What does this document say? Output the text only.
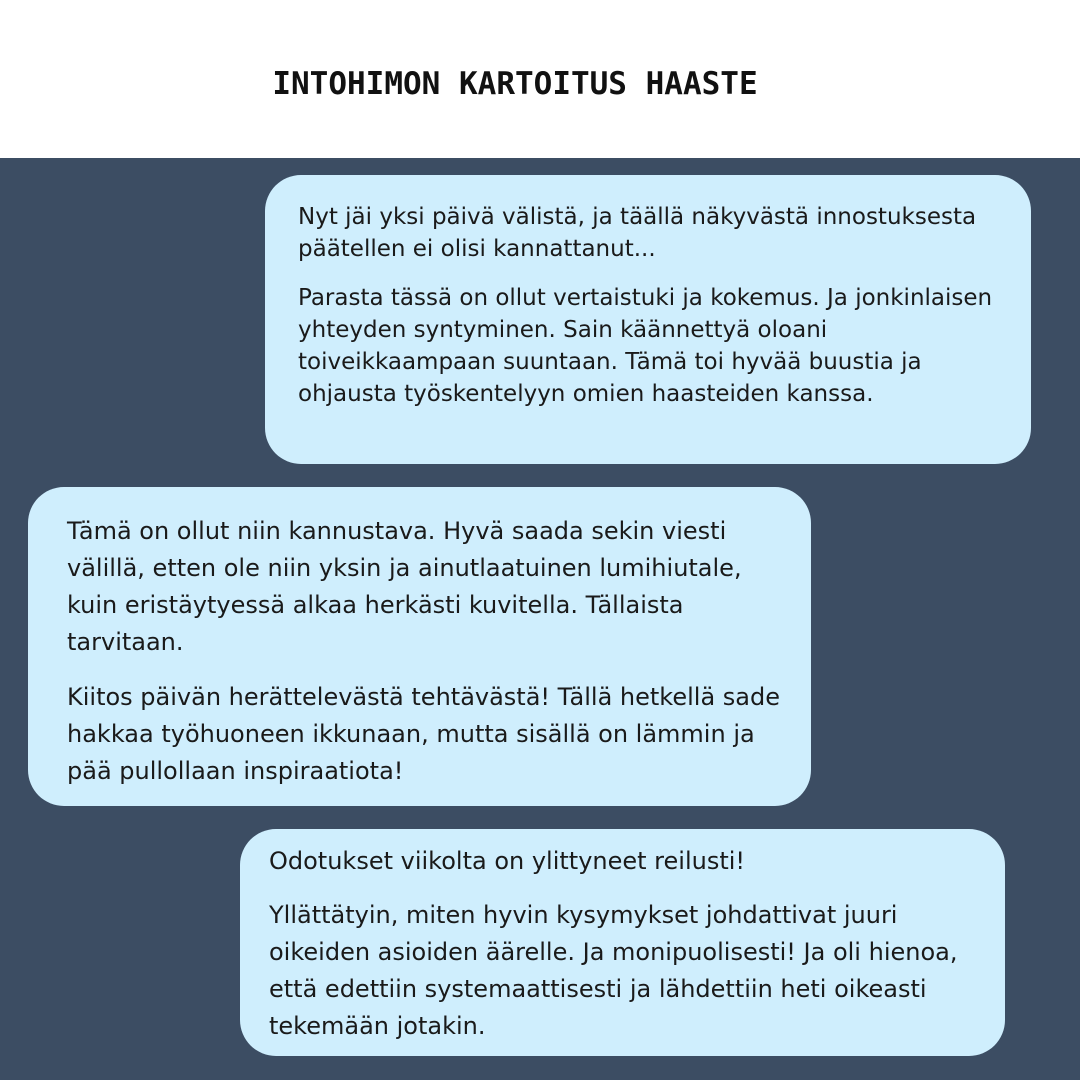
INTOHIMON KARTOITUS HAASTE

Nyt jäi yksi päivä välistä, ja täällä näkyvästä innostuksesta päätellen ei olisi kannattanut...

Parasta tässä on ollut vertaistuki ja kokemus. Ja jonkinlaisen yhteyden syntyminen. Sain käännettyä oloani toiveikkaampaan suuntaan. Tämä toi hyvää buustia ja ohjausta työskentelyyn omien haasteiden kanssa.

Tämä on ollut niin kannustava. Hyvä saada sekin viesti välillä, etten ole niin yksin ja ainutlaatuinen lumihiutale, kuin eristäytyessä alkaa herkästi kuvitella. Tällaista tarvitaan.

Kiitos päivän herättelevästä tehtävästä! Tällä hetkellä sade hakkaa työhuoneen ikkunaan, mutta sisällä on lämmin ja pää pullollaan inspiraatiota!

Odotukset viikolta on ylittyneet reilusti!

Yllättätyin, miten hyvin kysymykset johdattivat juuri oikeiden asioiden äärelle. Ja monipuolisesti! Ja oli hienoa, että edettiin systemaattisesti ja lähdettiin heti oikeasti tekemään jotakin.
